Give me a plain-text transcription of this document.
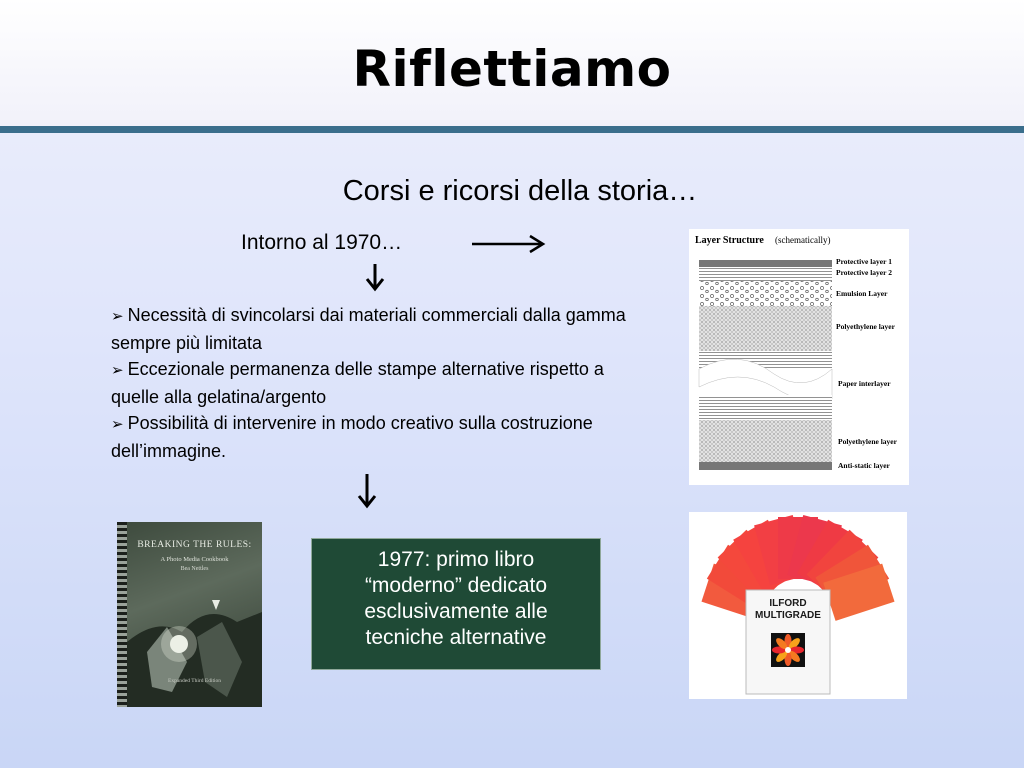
Riflettiamo
Corsi e ricorsi della storia…
Intorno al 1970…
➢ Necessità di svincolarsi dai materiali commerciali dalla gamma sempre più limitata
➢ Eccezionale permanenza delle stampe alternative rispetto a quelle alla gelatina/argento
➢ Possibilità di intervenire in modo creativo sulla costruzione dell’immagine.
BREAKING THE RULES:
A Photo Media Cookbook
Bea Nettles
Expanded Third Edition
1977: primo libro
“moderno” dedicato
esclusivamente alle
tecniche alternative
Layer Structure (schematically)
Protective layer 1
Protective layer 2
Emulsion Layer
Polyethylene layer
Paper interlayer
Polyethylene layer
Anti-static layer
ILFORD
MULTIGRADE
